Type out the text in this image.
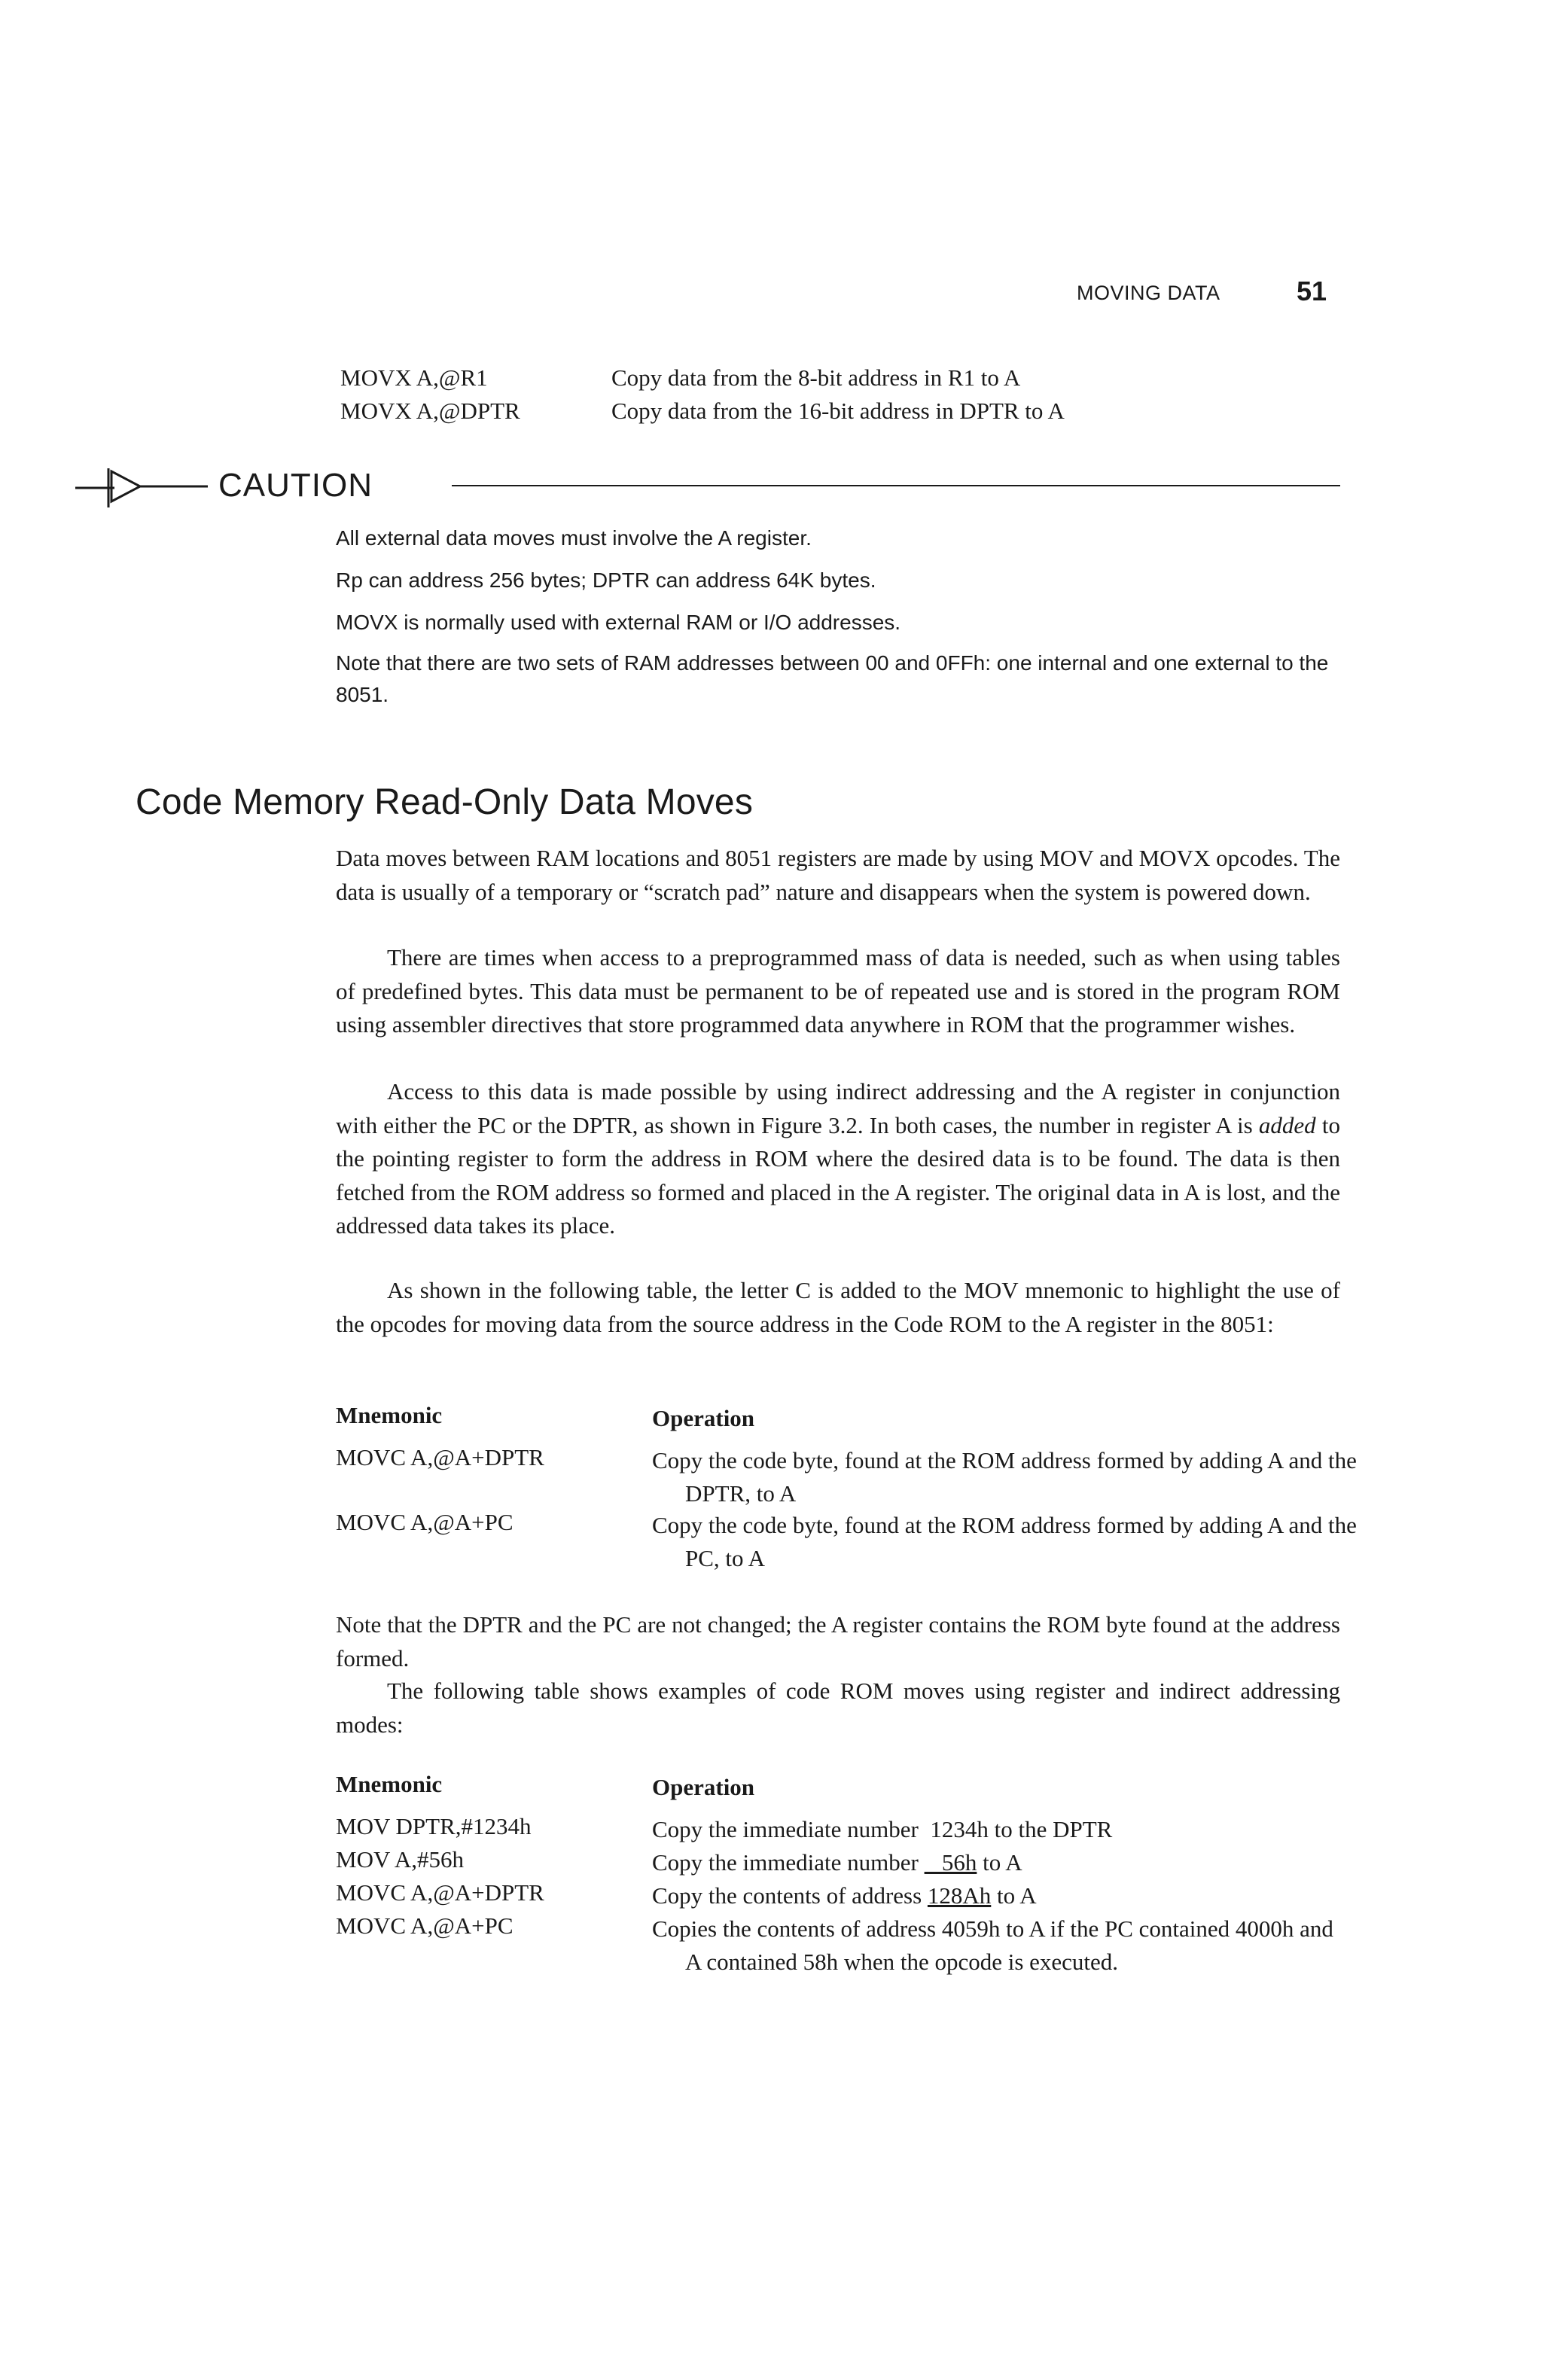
MOVING DATA	51
MOVX A,@R1	Copy data from the 8-bit address in R1 to A
MOVX A,@DPTR	Copy data from the 16-bit address in DPTR to A
CAUTION
All external data moves must involve the A register.
Rp can address 256 bytes; DPTR can address 64K bytes.
MOVX is normally used with external RAM or I/O addresses.
Note that there are two sets of RAM addresses between 00 and 0FFh: one internal and one external to the 8051.
Code Memory Read-Only Data Moves
Data moves between RAM locations and 8051 registers are made by using MOV and MOVX opcodes. The data is usually of a temporary or “scratch pad” nature and disappears when the system is powered down.
There are times when access to a preprogrammed mass of data is needed, such as when using tables of predefined bytes. This data must be permanent to be of repeated use and is stored in the program ROM using assembler directives that store programmed data anywhere in ROM that the programmer wishes.
Access to this data is made possible by using indirect addressing and the A register in conjunction with either the PC or the DPTR, as shown in Figure 3.2. In both cases, the number in register A is added to the pointing register to form the address in ROM where the desired data is to be found. The data is then fetched from the ROM address so formed and placed in the A register. The original data in A is lost, and the addressed data takes its place.
As shown in the following table, the letter C is added to the MOV mnemonic to highlight the use of the opcodes for moving data from the source address in the Code ROM to the A register in the 8051:
Mnemonic	Operation
MOVC A,@A+DPTR	Copy the code byte, found at the ROM address formed by adding A and the DPTR, to A
MOVC A,@A+PC	Copy the code byte, found at the ROM address formed by adding A and the PC, to A
Note that the DPTR and the PC are not changed; the A register contains the ROM byte found at the address formed.
The following table shows examples of code ROM moves using register and indirect addressing modes:
Mnemonic	Operation
MOV DPTR,#1234h	Copy the immediate number  1234h to the DPTR
MOV A,#56h	Copy the immediate number    56h to A
MOVC A,@A+DPTR	Copy the contents of address 128Ah to A
MOVC A,@A+PC	Copies the contents of address 4059h to A if the PC contained 4000h and A contained 58h when the opcode is executed.
